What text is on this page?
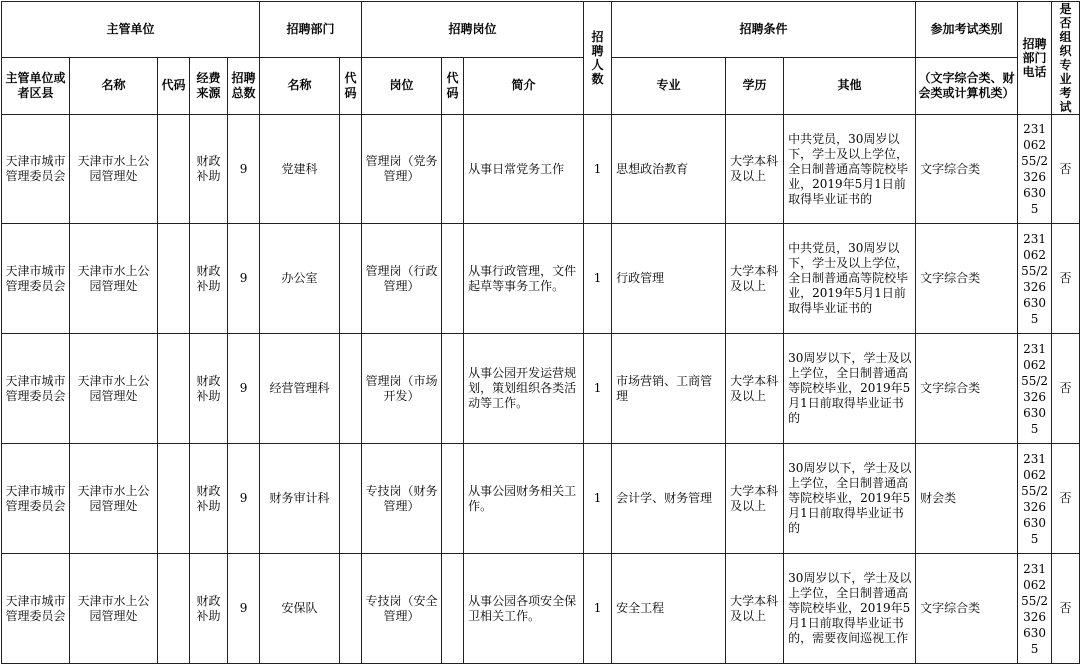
主管单位					招聘部门		招聘岗位			招聘人数	招聘条件			参加考试类别	招聘部门电话	是否组织专业考试
主管单位或者区县	名称	代码	经费来源	招聘总数	名称	代码	岗位	代码	简介		专业	学历	其他	（文字综合类、财会类或计算机类）		
天津市城市管理委员会	天津市水上公园管理处		财政补助	9	党建科		管理岗（党务管理）		从事日常党务工作	1	思想政治教育	大学本科及以上	中共党员，30周岁以下，学士及以上学位，全日制普通高等院校毕业，2019年5月1日前取得毕业证书的	文字综合类	23106255/23266305	否
天津市城市管理委员会	天津市水上公园管理处		财政补助	9	办公室		管理岗（行政管理）		从事行政管理，文件起草等事务工作。	1	行政管理	大学本科及以上	中共党员，30周岁以下，学士及以上学位，全日制普通高等院校毕业，2019年5月1日前取得毕业证书的	文字综合类	23106255/23266305	否
天津市城市管理委员会	天津市水上公园管理处		财政补助	9	经营管理科		管理岗（市场开发）		从事公园开发运营规划，策划组织各类活动等工作。	1	市场营销、工商管理	大学本科及以上	30周岁以下，学士及以上学位，全日制普通高等院校毕业，2019年5月1日前取得毕业证书的	文字综合类	23106255/23266305	否
天津市城市管理委员会	天津市水上公园管理处		财政补助	9	财务审计科		专技岗（财务管理）		从事公园财务相关工作。	1	会计学、财务管理	大学本科及以上	30周岁以下，学士及以上学位，全日制普通高等院校毕业，2019年5月1日前取得毕业证书的	财会类	23106255/23266305	否
天津市城市管理委员会	天津市水上公园管理处		财政补助	9	安保队		专技岗（安全管理）		从事公园各项安全保卫相关工作。	1	安全工程	大学本科及以上	30周岁以下，学士及以上学位，全日制普通高等院校毕业，2019年5月1日前取得毕业证书的，需要夜间巡视工作	文字综合类	23106255/23266305	否
